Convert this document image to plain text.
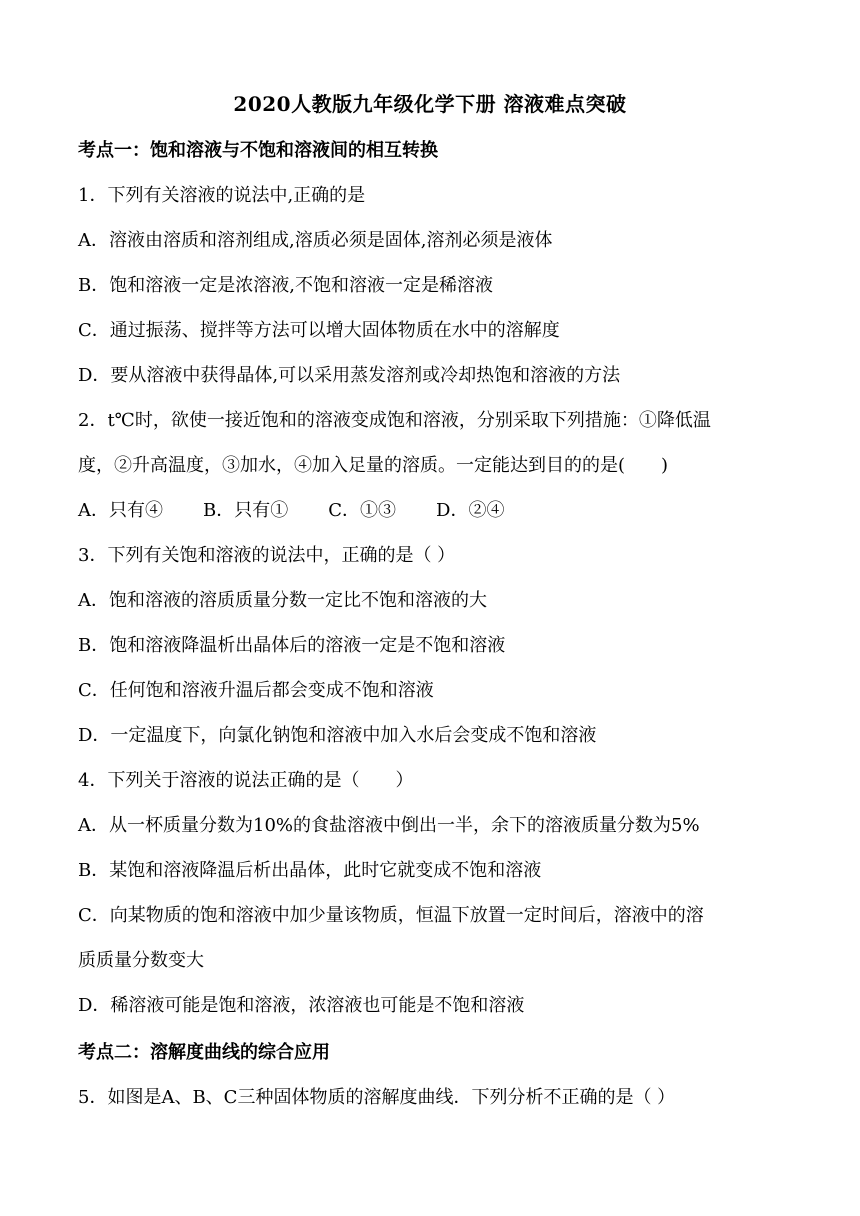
2020人教版九年级化学下册 溶液难点突破
考点一：饱和溶液与不饱和溶液间的相互转换
1．下列有关溶液的说法中,正确的是
A．溶液由溶质和溶剂组成,溶质必须是固体,溶剂必须是液体
B．饱和溶液一定是浓溶液,不饱和溶液一定是稀溶液
C．通过振荡、搅拌等方法可以增大固体物质在水中的溶解度
D．要从溶液中获得晶体,可以采用蒸发溶剂或冷却热饱和溶液的方法
2．t℃时，欲使一接近饱和的溶液变成饱和溶液，分别采取下列措施：①降低温
度，②升高温度，③加水，④加入足量的溶质。一定能达到目的的是(　　)
A．只有④ B．只有① C．①③ D．②④
3．下列有关饱和溶液的说法中，正确的是（ ）
A．饱和溶液的溶质质量分数一定比不饱和溶液的大
B．饱和溶液降温析出晶体后的溶液一定是不饱和溶液
C．任何饱和溶液升温后都会变成不饱和溶液
D．一定温度下，向氯化钠饱和溶液中加入水后会变成不饱和溶液
4．下列关于溶液的说法正确的是（　　）
A．从一杯质量分数为10%的食盐溶液中倒出一半，余下的溶液质量分数为5%
B．某饱和溶液降温后析出晶体，此时它就变成不饱和溶液
C．向某物质的饱和溶液中加少量该物质，恒温下放置一定时间后，溶液中的溶
质质量分数变大
D．稀溶液可能是饱和溶液，浓溶液也可能是不饱和溶液
考点二：溶解度曲线的综合应用
5．如图是A、B、C三种固体物质的溶解度曲线．下列分析不正确的是（ ）
